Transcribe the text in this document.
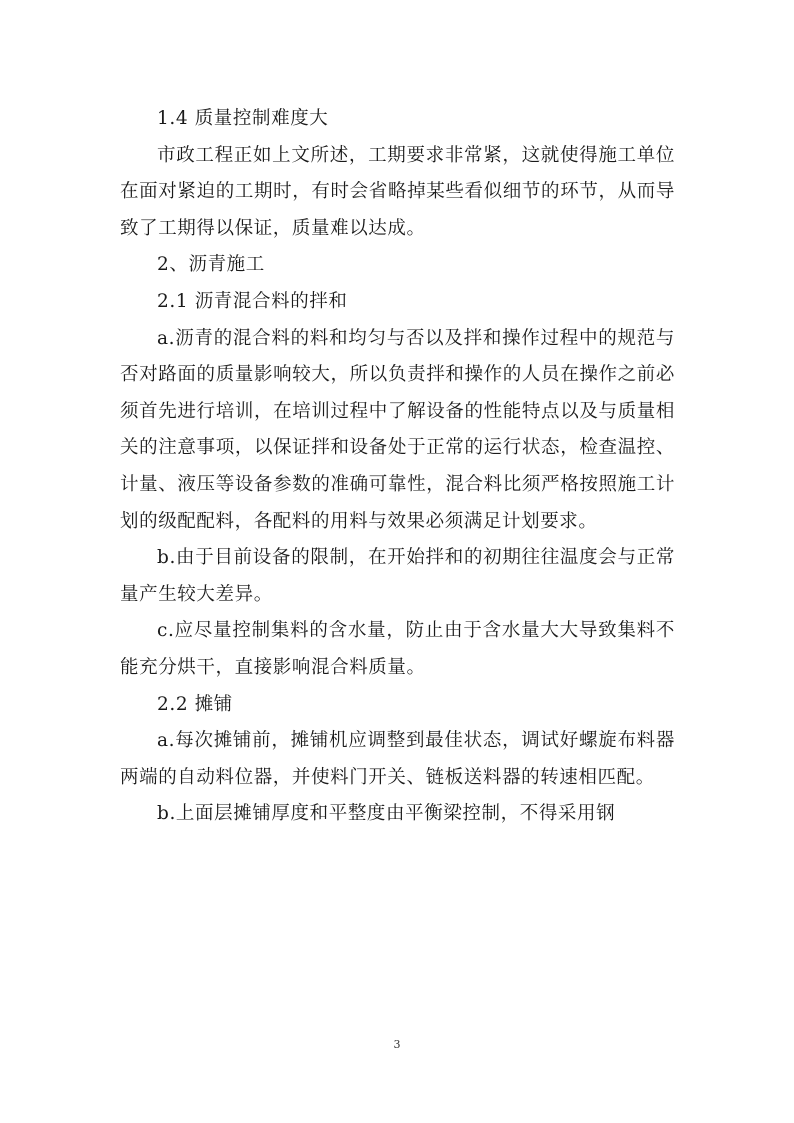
1.4 质量控制难度大

市政工程正如上文所述，工期要求非常紧，这就使得施工单位在面对紧迫的工期时，有时会省略掉某些看似细节的环节，从而导致了工期得以保证，质量难以达成。

2、沥青施工

2.1 沥青混合料的拌和

a.沥青的混合料的料和均匀与否以及拌和操作过程中的规范与否对路面的质量影响较大，所以负责拌和操作的人员在操作之前必须首先进行培训，在培训过程中了解设备的性能特点以及与质量相关的注意事项，以保证拌和设备处于正常的运行状态，检查温控、计量、液压等设备参数的准确可靠性，混合料比须严格按照施工计划的级配配料，各配料的用料与效果必须满足计划要求。

b.由于目前设备的限制，在开始拌和的初期往往温度会与正常量产生较大差异。

c.应尽量控制集料的含水量，防止由于含水量大大导致集料不能充分烘干，直接影响混合料质量。

2.2 摊铺

a.每次摊铺前，摊铺机应调整到最佳状态，调试好螺旋布料器两端的自动料位器，并使料门开关、链板送料器的转速相匹配。

b.上面层摊铺厚度和平整度由平衡梁控制，不得采用钢

3
